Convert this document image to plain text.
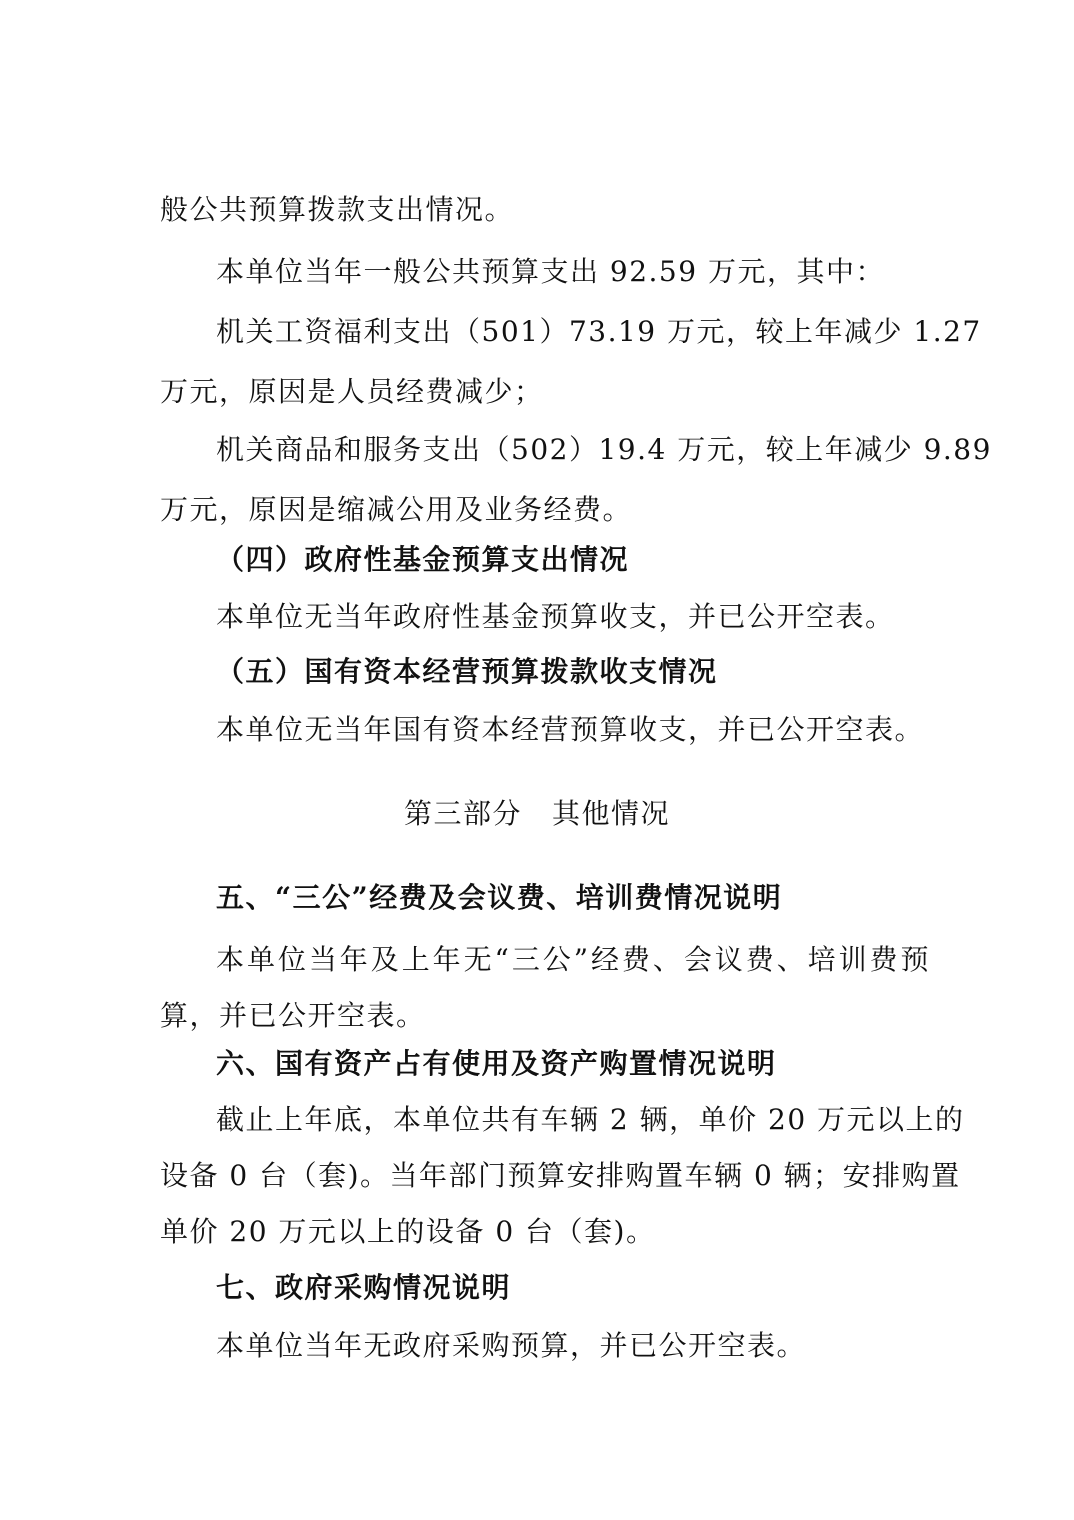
般公共预算拨款支出情况。
本单位当年一般公共预算支出 92.59 万元，其中：
机关工资福利支出（501）73.19 万元，较上年减少 1.27
万元，原因是人员经费减少；
机关商品和服务支出（502）19.4 万元，较上年减少 9.89
万元，原因是缩减公用及业务经费。
（四）政府性基金预算支出情况
本单位无当年政府性基金预算收支，并已公开空表。
（五）国有资本经营预算拨款收支情况
本单位无当年国有资本经营预算收支，并已公开空表。
第三部分 其他情况
五、“三公”经费及会议费、培训费情况说明
本单位当年及上年无“三公”经费、会议费、培训费预
算，并已公开空表。
六、国有资产占有使用及资产购置情况说明
截止上年底，本单位共有车辆 2 辆，单价 20 万元以上的
设备 0 台（套)。当年部门预算安排购置车辆 0 辆；安排购置
单价 20 万元以上的设备 0 台（套)。
七、政府采购情况说明
本单位当年无政府采购预算，并已公开空表。
